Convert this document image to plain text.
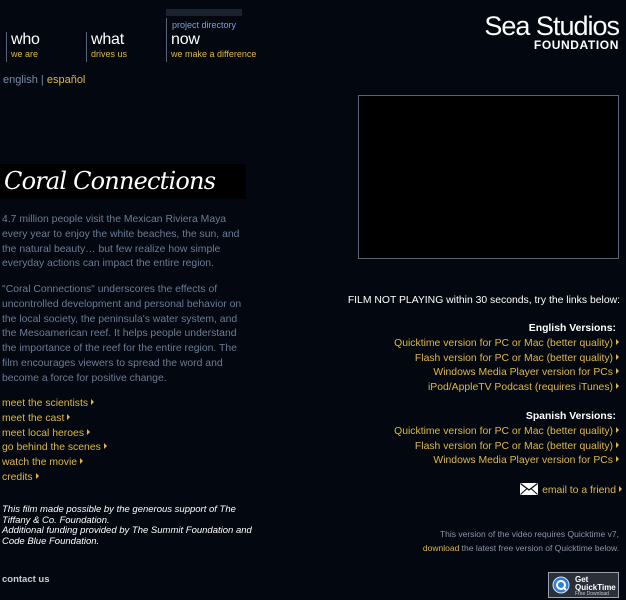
who
we are
what
drives us
project directory
now
we make a difference
Sea Studios
FOUNDATION
english | español
Coral Connections
4.7 million people visit the Mexican Riviera Maya every year to enjoy the white beaches, the sun, and the natural beauty… but few realize how simple everyday actions can impact the entire region.
"Coral Connections" underscores the effects of uncontrolled development and personal behavior on the local society, the peninsula's water system, and the Mesoamerican reef. It helps people understand the importance of the reef for the entire region. The film encourages viewers to spread the word and become a force for positive change.
meet the scientists
meet the cast
meet local heroes
go behind the scenes
watch the movie
credits
This film made possible by the generous support of The Tiffany & Co. Foundation.
Additional funding provided by The Summit Foundation and Code Blue Foundation.
contact us
FILM NOT PLAYING within 30 seconds, try the links below:
English Versions:
Quicktime version for PC or Mac (better quality)
Flash version for PC or Mac (better quality)
Windows Media Player version for PCs
iPod/AppleTV Podcast (requires iTunes)
Spanish Versions:
Quicktime version for PC or Mac (better quality)
Flash version for PC or Mac (better quality)
Windows Media Player version for PCs
email to a friend
This version of the video requires Quicktime v7,
download the latest free version of Quicktime below.
Get
QuickTime
Free Download
